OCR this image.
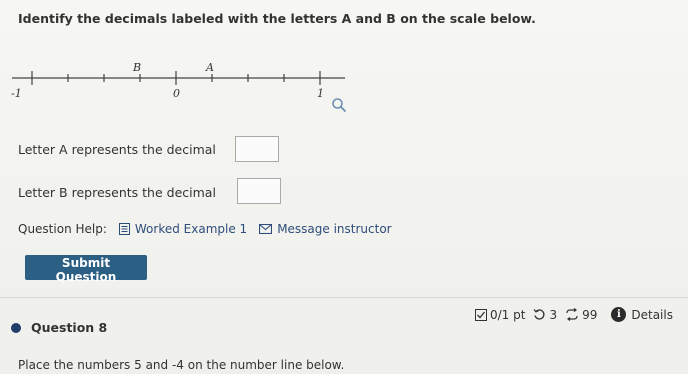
Identify the decimals labeled with the letters A and B on the scale below.
-1	0	1
B	A
Letter A represents the decimal
Letter B represents the decimal
Question Help: Worked Example 1	Message instructor
Submit Question
Question 8
0/1 pt 3 99	i Details
Place the numbers 5 and -4 on the number line below.
